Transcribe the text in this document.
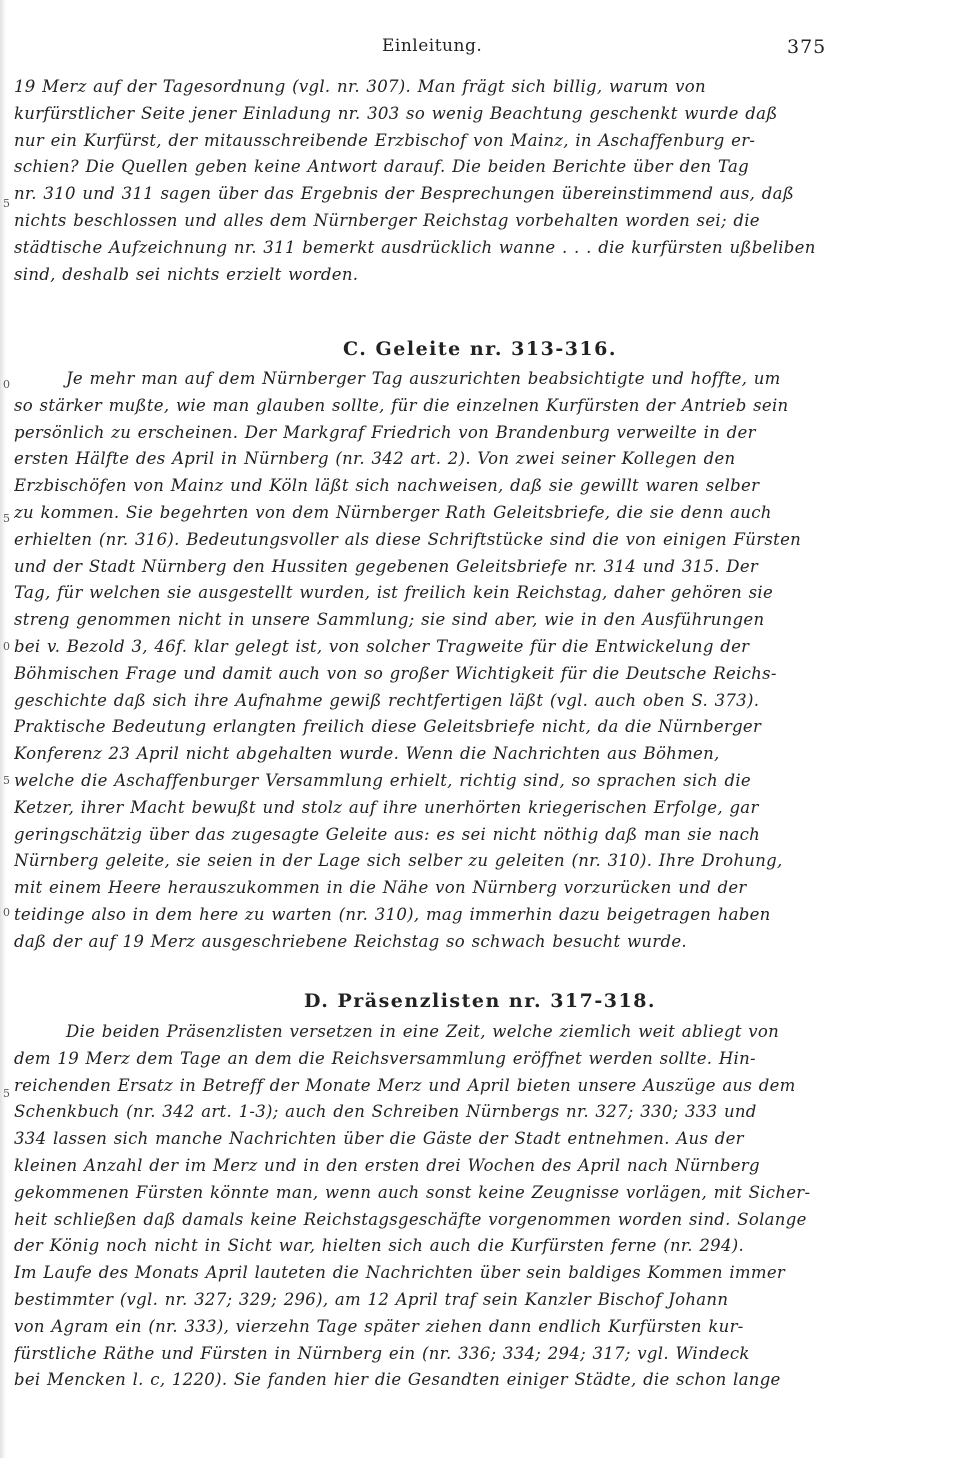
Einleitung.	375
5
0
5
0
5
0
5
19 Merz auf der Tagesordnung (vgl. nr. 307). Man frägt sich billig, warum von
kurfürstlicher Seite jener Einladung nr. 303 so wenig Beachtung geschenkt wurde daß
nur ein Kurfürst, der mitausschreibende Erzbischof von Mainz, in Aschaffenburg er-
schien? Die Quellen geben keine Antwort darauf. Die beiden Berichte über den Tag
nr. 310 und 311 sagen über das Ergebnis der Besprechungen übereinstimmend aus, daß
nichts beschlossen und alles dem Nürnberger Reichstag vorbehalten worden sei; die
städtische Aufzeichnung nr. 311 bemerkt ausdrücklich wanne . . . die kurfürsten ußbeliben
sind, deshalb sei nichts erzielt worden.
C. Geleite nr. 313-316.
Je mehr man auf dem Nürnberger Tag auszurichten beabsichtigte und hoffte, um
so stärker mußte, wie man glauben sollte, für die einzelnen Kurfürsten der Antrieb sein
persönlich zu erscheinen. Der Markgraf Friedrich von Brandenburg verweilte in der
ersten Hälfte des April in Nürnberg (nr. 342 art. 2). Von zwei seiner Kollegen den
Erzbischöfen von Mainz und Köln läßt sich nachweisen, daß sie gewillt waren selber
zu kommen. Sie begehrten von dem Nürnberger Rath Geleitsbriefe, die sie denn auch
erhielten (nr. 316). Bedeutungsvoller als diese Schriftstücke sind die von einigen Fürsten
und der Stadt Nürnberg den Hussiten gegebenen Geleitsbriefe nr. 314 und 315. Der
Tag, für welchen sie ausgestellt wurden, ist freilich kein Reichstag, daher gehören sie
streng genommen nicht in unsere Sammlung; sie sind aber, wie in den Ausführungen
bei v. Bezold 3, 46f. klar gelegt ist, von solcher Tragweite für die Entwickelung der
Böhmischen Frage und damit auch von so großer Wichtigkeit für die Deutsche Reichs-
geschichte daß sich ihre Aufnahme gewiß rechtfertigen läßt (vgl. auch oben S. 373).
Praktische Bedeutung erlangten freilich diese Geleitsbriefe nicht, da die Nürnberger
Konferenz 23 April nicht abgehalten wurde. Wenn die Nachrichten aus Böhmen,
welche die Aschaffenburger Versammlung erhielt, richtig sind, so sprachen sich die
Ketzer, ihrer Macht bewußt und stolz auf ihre unerhörten kriegerischen Erfolge, gar
geringschätzig über das zugesagte Geleite aus: es sei nicht nöthig daß man sie nach
Nürnberg geleite, sie seien in der Lage sich selber zu geleiten (nr. 310). Ihre Drohung,
mit einem Heere herauszukommen in die Nähe von Nürnberg vorzurücken und der
teidinge also in dem here zu warten (nr. 310), mag immerhin dazu beigetragen haben
daß der auf 19 Merz ausgeschriebene Reichstag so schwach besucht wurde.
D. Präsenzlisten nr. 317-318.
Die beiden Präsenzlisten versetzen in eine Zeit, welche ziemlich weit abliegt von
dem 19 Merz dem Tage an dem die Reichsversammlung eröffnet werden sollte. Hin-
reichenden Ersatz in Betreff der Monate Merz und April bieten unsere Auszüge aus dem
Schenkbuch (nr. 342 art. 1-3); auch den Schreiben Nürnbergs nr. 327; 330; 333 und
334 lassen sich manche Nachrichten über die Gäste der Stadt entnehmen. Aus der
kleinen Anzahl der im Merz und in den ersten drei Wochen des April nach Nürnberg
gekommenen Fürsten könnte man, wenn auch sonst keine Zeugnisse vorlägen, mit Sicher-
heit schließen daß damals keine Reichstagsgeschäfte vorgenommen worden sind. Solange
der König noch nicht in Sicht war, hielten sich auch die Kurfürsten ferne (nr. 294).
Im Laufe des Monats April lauteten die Nachrichten über sein baldiges Kommen immer
bestimmter (vgl. nr. 327; 329; 296), am 12 April traf sein Kanzler Bischof Johann
von Agram ein (nr. 333), vierzehn Tage später ziehen dann endlich Kurfürsten kur-
fürstliche Räthe und Fürsten in Nürnberg ein (nr. 336; 334; 294; 317; vgl. Windeck
bei Mencken l. c, 1220). Sie fanden hier die Gesandten einiger Städte, die schon lange
